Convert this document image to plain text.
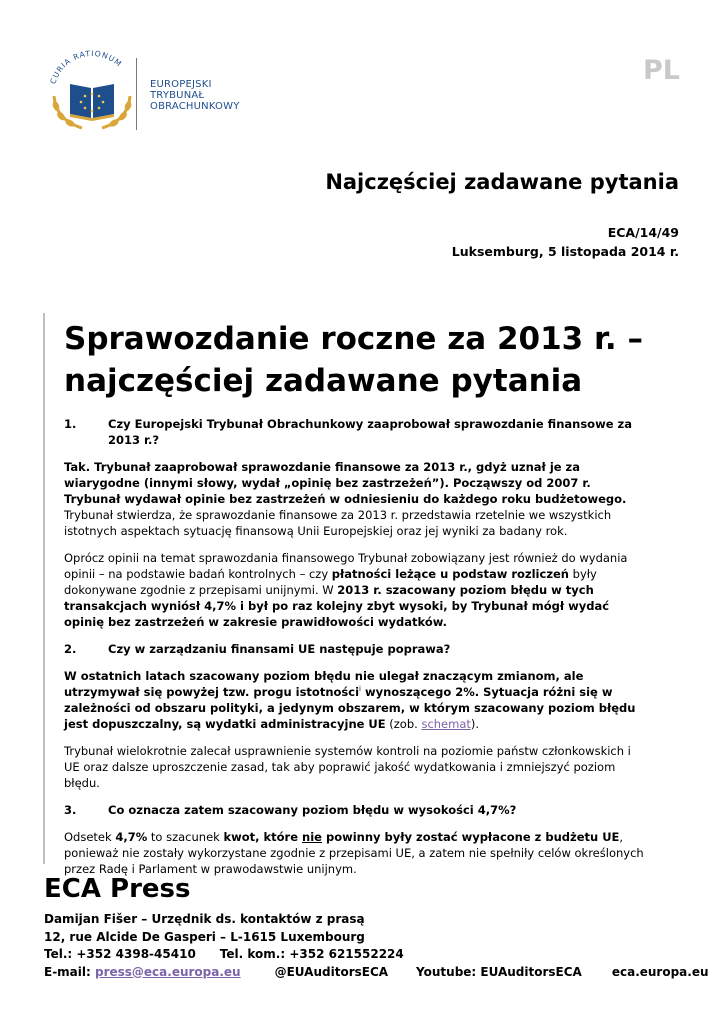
CURIA RATIONUM
EUROPEJSKI
TRYBUNAŁ
OBRACHUNKOWY
PL
Najczęściej zadawane pytania
ECA/14/49
Luksemburg, 5 listopada 2014 r.
Sprawozdanie roczne za 2013 r. –
najczęściej zadawane pytania
1.	Czy Europejski Trybunał Obrachunkowy zaaprobował sprawozdanie finansowe za 2013 r.?

Tak. Trybunał zaaprobował sprawozdanie finansowe za 2013 r., gdyż uznał je za wiarygodne (innymi słowy, wydał „opinię bez zastrzeżeń”). Począwszy od 2007 r. Trybunał wydawał opinie bez zastrzeżeń w odniesieniu do każdego roku budżetowego. Trybunał stwierdza, że sprawozdanie finansowe za 2013 r. przedstawia rzetelnie we wszystkich istotnych aspektach sytuację finansową Unii Europejskiej oraz jej wyniki za badany rok.

Oprócz opinii na temat sprawozdania finansowego Trybunał zobowiązany jest również do wydania opinii – na podstawie badań kontrolnych – czy płatności leżące u podstaw rozliczeń były dokonywane zgodnie z przepisami unijnymi. W 2013 r. szacowany poziom błędu w tych transakcjach wyniósł 4,7% i był po raz kolejny zbyt wysoki, by Trybunał mógł wydać opinię bez zastrzeżeń w zakresie prawidłowości wydatków.

2.	Czy w zarządzaniu finansami UE następuje poprawa?

W ostatnich latach szacowany poziom błędu nie ulegał znaczącym zmianom, ale utrzymywał się powyżej tzw. progu istotności$^i$ wynoszącego 2%. Sytuacja różni się w zależności od obszaru polityki, a jedynym obszarem, w którym szacowany poziom błędu jest dopuszczalny, są wydatki administracyjne UE (zob. schemat).

Trybunał wielokrotnie zalecał usprawnienie systemów kontroli na poziomie państw członkowskich i UE oraz dalsze uproszczenie zasad, tak aby poprawić jakość wydatkowania i zmniejszyć poziom błędu.

3.	Co oznacza zatem szacowany poziom błędu w wysokości 4,7%?

Odsetek 4,7% to szacunek kwot, które nie powinny były zostać wypłacone z budżetu UE, ponieważ nie zostały wykorzystane zgodnie z przepisami UE, a zatem nie spełniły celów określonych przez Radę i Parlament w prawodawstwie unijnym.

ECA Press
Damijan Fišer – Urzędnik ds. kontaktów z prasą
12, rue Alcide De Gasperi – L-1615 Luxembourg
Tel.: +352 4398-45410 Tel. kom.: +352 621552224
E-mail: press@eca.europa.eu	@EUAuditorsECA Youtube: EUAuditorsECA	eca.europa.eu
